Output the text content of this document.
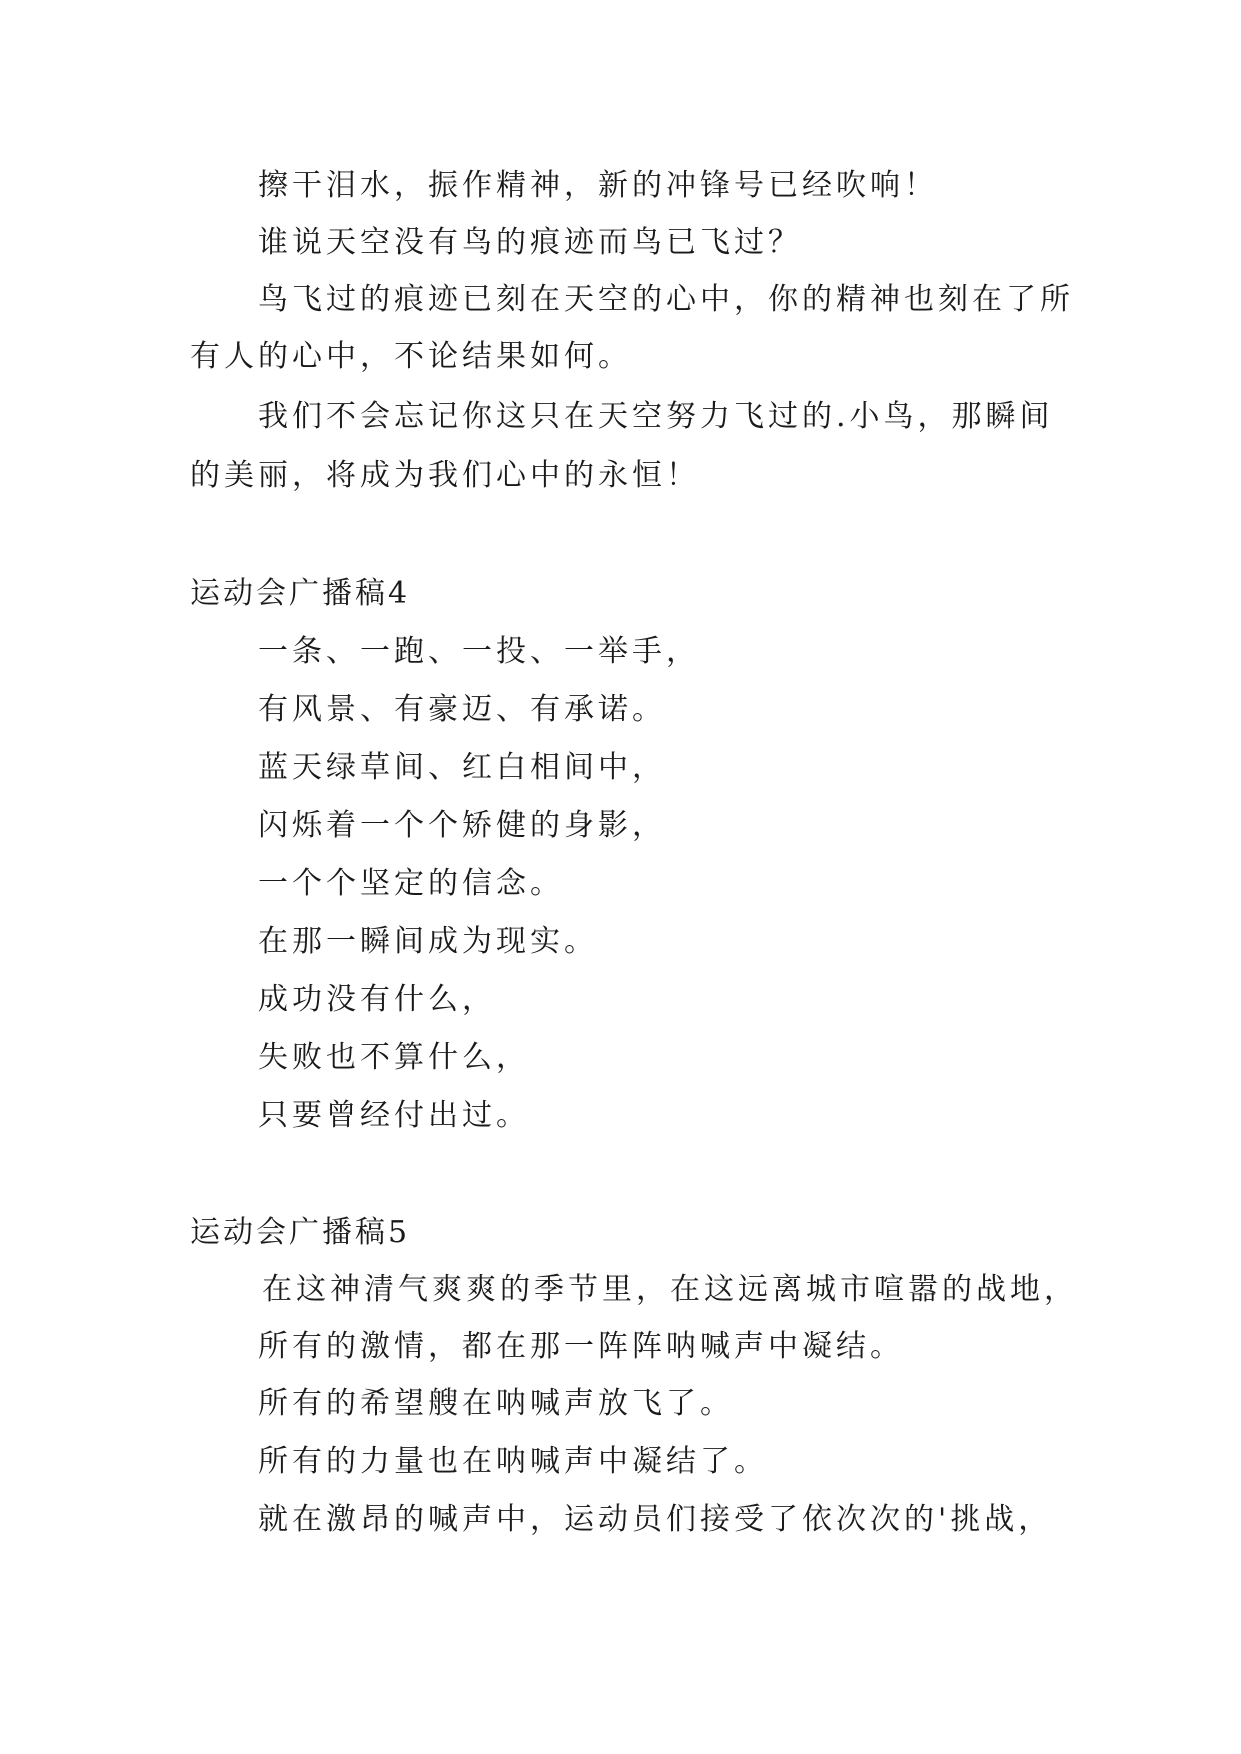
擦干泪水，振作精神，新的冲锋号已经吹响！
谁说天空没有鸟的痕迹而鸟已飞过？
鸟飞过的痕迹已刻在天空的心中，你的精神也刻在了所
有人的心中，不论结果如何。
我们不会忘记你这只在天空努力飞过的.小鸟，那瞬间
的美丽，将成为我们心中的永恒！
运动会广播稿4
一条、一跑、一投、一举手，
有风景、有豪迈、有承诺。
蓝天绿草间、红白相间中，
闪烁着一个个矫健的身影，
一个个坚定的信念。
在那一瞬间成为现实。
成功没有什么，
失败也不算什么，
只要曾经付出过。
运动会广播稿5
在这神清气爽爽的季节里，在这远离城市喧嚣的战地，
所有的激情，都在那一阵阵呐喊声中凝结。
所有的希望艘在呐喊声放飞了。
所有的力量也在呐喊声中凝结了。
就在激昂的喊声中，运动员们接受了依次次的'挑战，
